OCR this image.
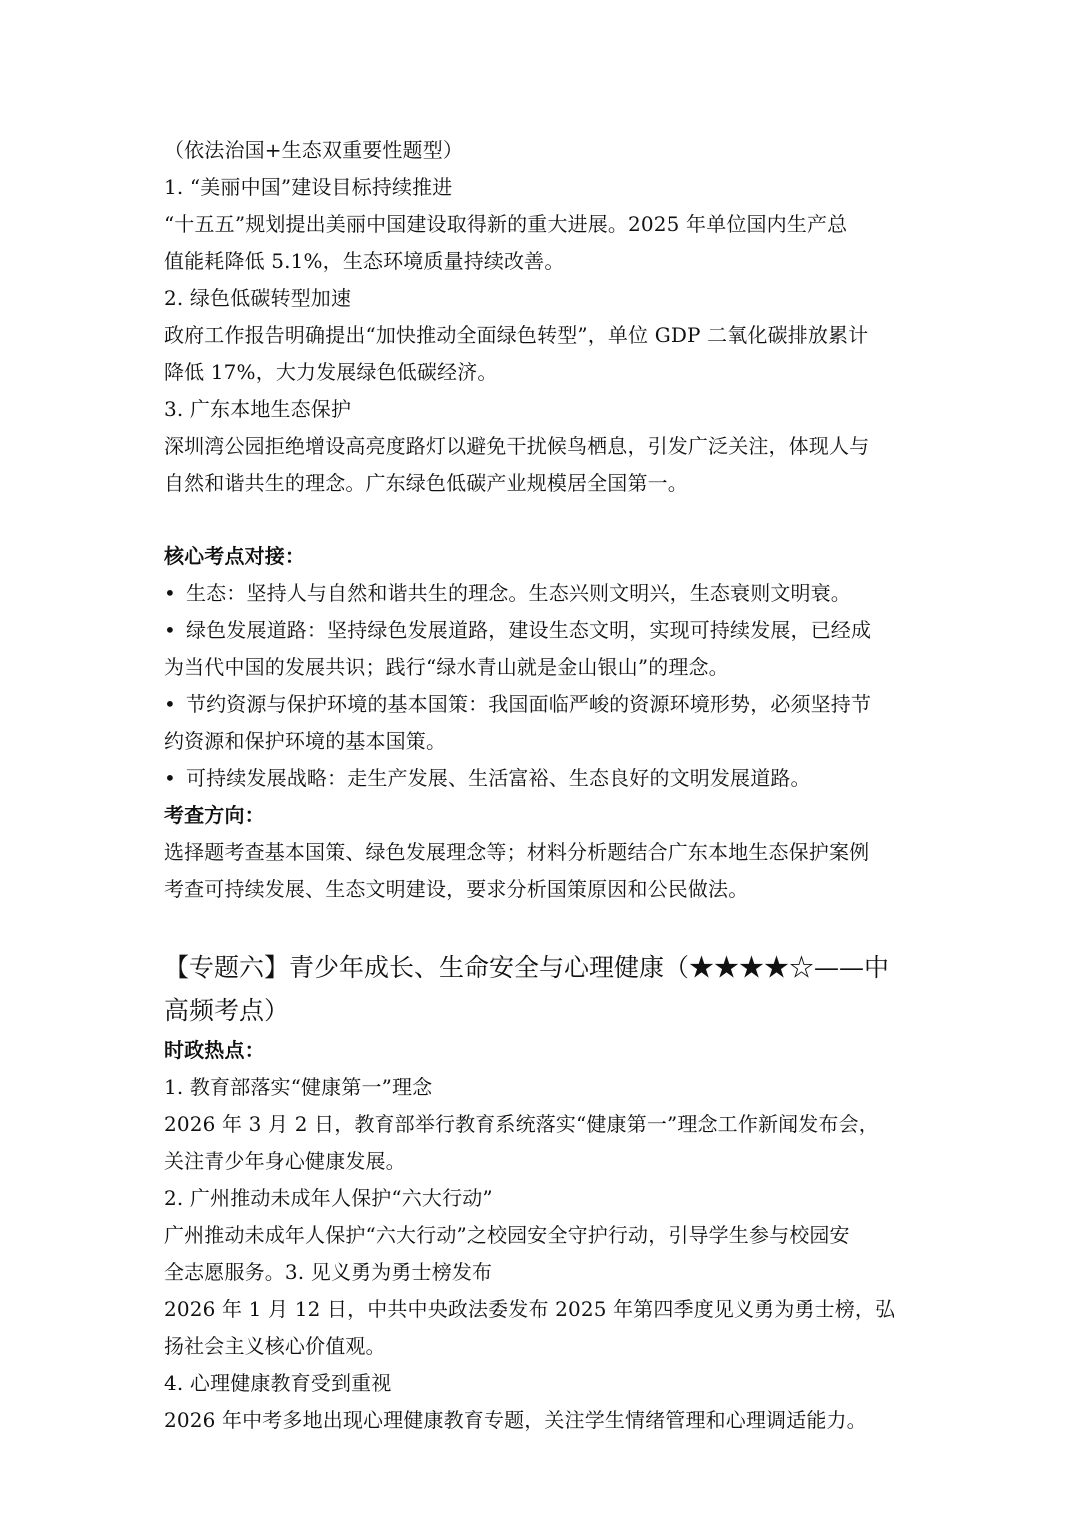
（依法治国+生态双重要性题型）
1. “美丽中国”建设目标持续推进
“十五五”规划提出美丽中国建设取得新的重大进展。2025 年单位国内生产总
值能耗降低 5.1%，生态环境质量持续改善。
2. 绿色低碳转型加速
政府工作报告明确提出“加快推动全面绿色转型”，单位 GDP 二氧化碳排放累计
降低 17%，大力发展绿色低碳经济。
3. 广东本地生态保护
深圳湾公园拒绝增设高亮度路灯以避免干扰候鸟栖息，引发广泛关注，体现人与
自然和谐共生的理念。广东绿色低碳产业规模居全国第一。
核心考点对接：
• 生态：坚持人与自然和谐共生的理念。生态兴则文明兴，生态衰则文明衰。
• 绿色发展道路：坚持绿色发展道路，建设生态文明，实现可持续发展，已经成
为当代中国的发展共识；践行“绿水青山就是金山银山”的理念。
• 节约资源与保护环境的基本国策：我国面临严峻的资源环境形势，必须坚持节
约资源和保护环境的基本国策。
• 可持续发展战略：走生产发展、生活富裕、生态良好的文明发展道路。
考查方向：
选择题考查基本国策、绿色发展理念等；材料分析题结合广东本地生态保护案例
考查可持续发展、生态文明建设，要求分析国策原因和公民做法。
【专题六】青少年成长、生命安全与心理健康（★★★★☆——中
高频考点）
时政热点：
1. 教育部落实“健康第一”理念
2026 年 3 月 2 日，教育部举行教育系统落实“健康第一”理念工作新闻发布会，
关注青少年身心健康发展。
2. 广州推动未成年人保护“六大行动”
广州推动未成年人保护“六大行动”之校园安全守护行动，引导学生参与校园安
全志愿服务。3. 见义勇为勇士榜发布
2026 年 1 月 12 日，中共中央政法委发布 2025 年第四季度见义勇为勇士榜，弘
扬社会主义核心价值观。
4. 心理健康教育受到重视
2026 年中考多地出现心理健康教育专题，关注学生情绪管理和心理调适能力。
